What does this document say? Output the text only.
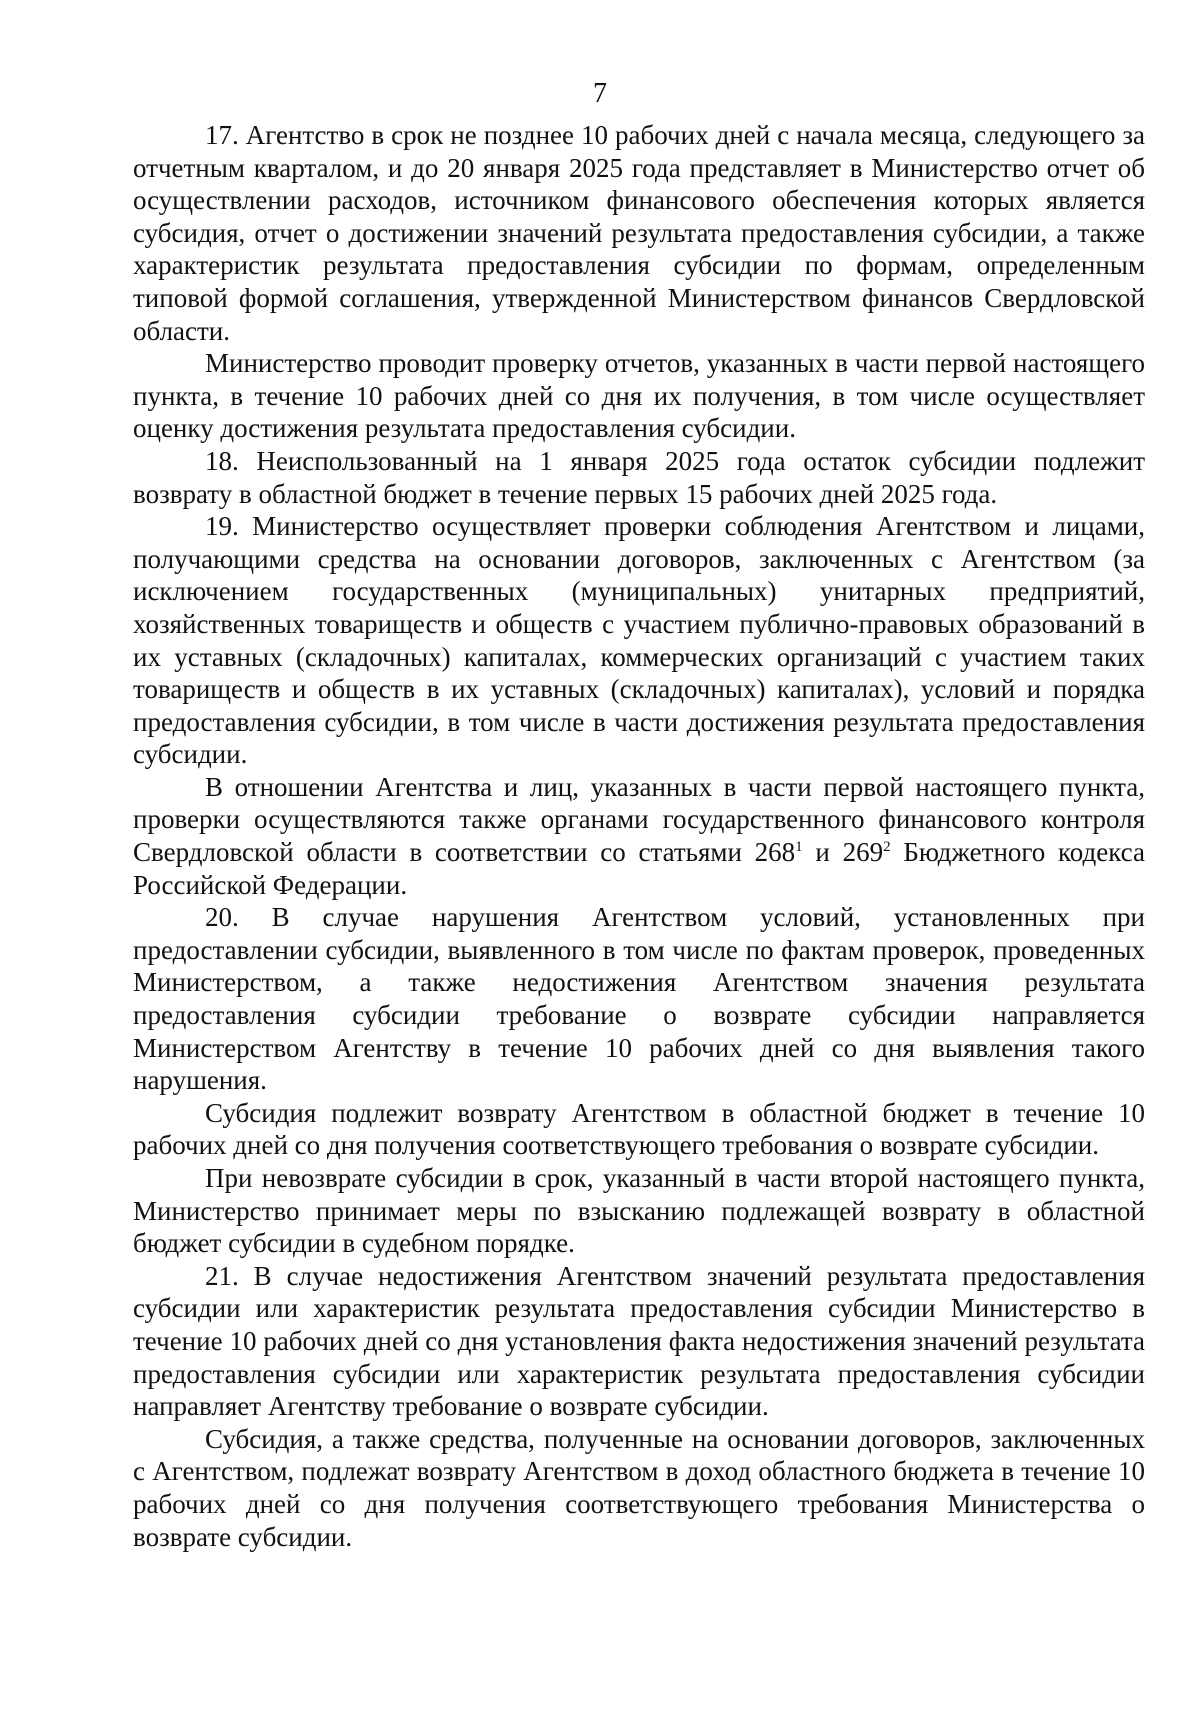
7

17. Агентство в срок не позднее 10 рабочих дней с начала месяца, следующего за отчетным кварталом, и до 20 января 2025 года представляет в Министерство отчет об осуществлении расходов, источником финансового обеспечения которых является субсидия, отчет о достижении значений результата предоставления субсидии, а также характеристик результата предоставления субсидии по формам, определенным типовой формой соглашения, утвержденной Министерством финансов Свердловской области.

Министерство проводит проверку отчетов, указанных в части первой настоящего пункта, в течение 10 рабочих дней со дня их получения, в том числе осуществляет оценку достижения результата предоставления субсидии.

18. Неиспользованный на 1 января 2025 года остаток субсидии подлежит возврату в областной бюджет в течение первых 15 рабочих дней 2025 года.

19. Министерство осуществляет проверки соблюдения Агентством и лицами, получающими средства на основании договоров, заключенных с Агентством (за исключением государственных (муниципальных) унитарных предприятий, хозяйственных товариществ и обществ с участием публично-правовых образований в их уставных (складочных) капиталах, коммерческих организаций с участием таких товариществ и обществ в их уставных (складочных) капиталах), условий и порядка предоставления субсидии, в том числе в части достижения результата предоставления субсидии.

В отношении Агентства и лиц, указанных в части первой настоящего пункта, проверки осуществляются также органами государственного финансового контроля Свердловской области в соответствии со статьями $268^1$ и $269^2$ Бюджетного кодекса Российской Федерации.

20. В случае нарушения Агентством условий, установленных при предоставлении субсидии, выявленного в том числе по фактам проверок, проведенных Министерством, а также недостижения Агентством значения результата предоставления субсидии требование о возврате субсидии направляется Министерством Агентству в течение 10 рабочих дней со дня выявления такого нарушения.

Субсидия подлежит возврату Агентством в областной бюджет в течение 10 рабочих дней со дня получения соответствующего требования о возврате субсидии.

При невозврате субсидии в срок, указанный в части второй настоящего пункта, Министерство принимает меры по взысканию подлежащей возврату в областной бюджет субсидии в судебном порядке.

21. В случае недостижения Агентством значений результата предоставления субсидии или характеристик результата предоставления субсидии Министерство в течение 10 рабочих дней со дня установления факта недостижения значений результата предоставления субсидии или характеристик результата предоставления субсидии направляет Агентству требование о возврате субсидии.

Субсидия, а также средства, полученные на основании договоров, заключенных с Агентством, подлежат возврату Агентством в доход областного бюджета в течение 10 рабочих дней со дня получения соответствующего требования Министерства о возврате субсидии.
